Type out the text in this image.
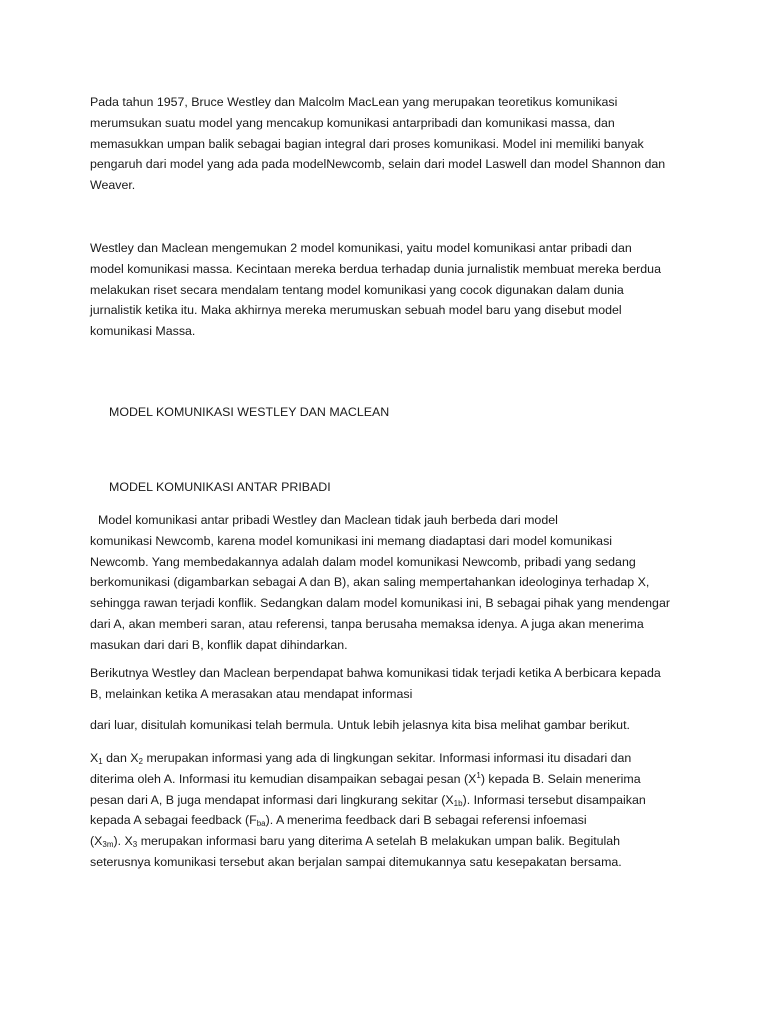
Pada tahun 1957, Bruce Westley dan Malcolm MacLean yang merupakan teoretikus komunikasi
merumsukan suatu model yang mencakup komunikasi antarpribadi dan komunikasi massa, dan
memasukkan umpan balik sebagai bagian integral dari proses komunikasi. Model ini memiliki banyak
pengaruh dari model yang ada pada modelNewcomb, selain dari model Laswell dan model Shannon dan
Weaver.

Westley dan Maclean mengemukan 2 model komunikasi, yaitu model komunikasi antar pribadi dan
model komunikasi massa. Kecintaan mereka berdua terhadap dunia jurnalistik membuat mereka berdua
melakukan riset secara mendalam tentang model komunikasi yang cocok digunakan dalam dunia
jurnalistik ketika itu. Maka akhirnya mereka merumuskan sebuah model baru yang disebut model
komunikasi Massa.

MODEL KOMUNIKASI WESTLEY DAN MACLEAN
MODEL KOMUNIKASI ANTAR PRIBADI

Model komunikasi antar pribadi Westley dan Maclean tidak jauh berbeda dari model
komunikasi Newcomb, karena model komunikasi ini memang diadaptasi dari model komunikasi
Newcomb. Yang membedakannya adalah dalam model komunikasi Newcomb, pribadi yang sedang
berkomunikasi (digambarkan sebagai A dan B), akan saling mempertahankan ideologinya terhadap X,
sehingga rawan terjadi konflik. Sedangkan dalam model komunikasi ini, B sebagai pihak yang mendengar
dari A, akan memberi saran, atau referensi, tanpa berusaha memaksa idenya. A juga akan menerima
masukan dari dari B, konflik dapat dihindarkan.

Berikutnya Westley dan Maclean berpendapat bahwa komunikasi tidak terjadi ketika A berbicara kepada
B, melainkan ketika A merasakan atau mendapat informasi

dari luar, disitulah komunikasi telah bermula. Untuk lebih jelasnya kita bisa melihat gambar berikut.

$X_1$ dan $X_2$ merupakan informasi yang ada di lingkungan sekitar. Informasi informasi itu disadari dan
diterima oleh A. Informasi itu kemudian disampaikan sebagai pesan $(X^1)$ kepada B. Selain menerima
pesan dari A, B juga mendapat informasi dari lingkurang sekitar $(X_{1b})$. Informasi tersebut disampaikan
kepada A sebagai feedback $(F_{ba})$. A menerima feedback dari B sebagai referensi infoemasi
$(X_{3m})$. $X_3$ merupakan informasi baru yang diterima A setelah B melakukan umpan balik. Begitulah
seterusnya komunikasi tersebut akan berjalan sampai ditemukannya satu kesepakatan bersama.
